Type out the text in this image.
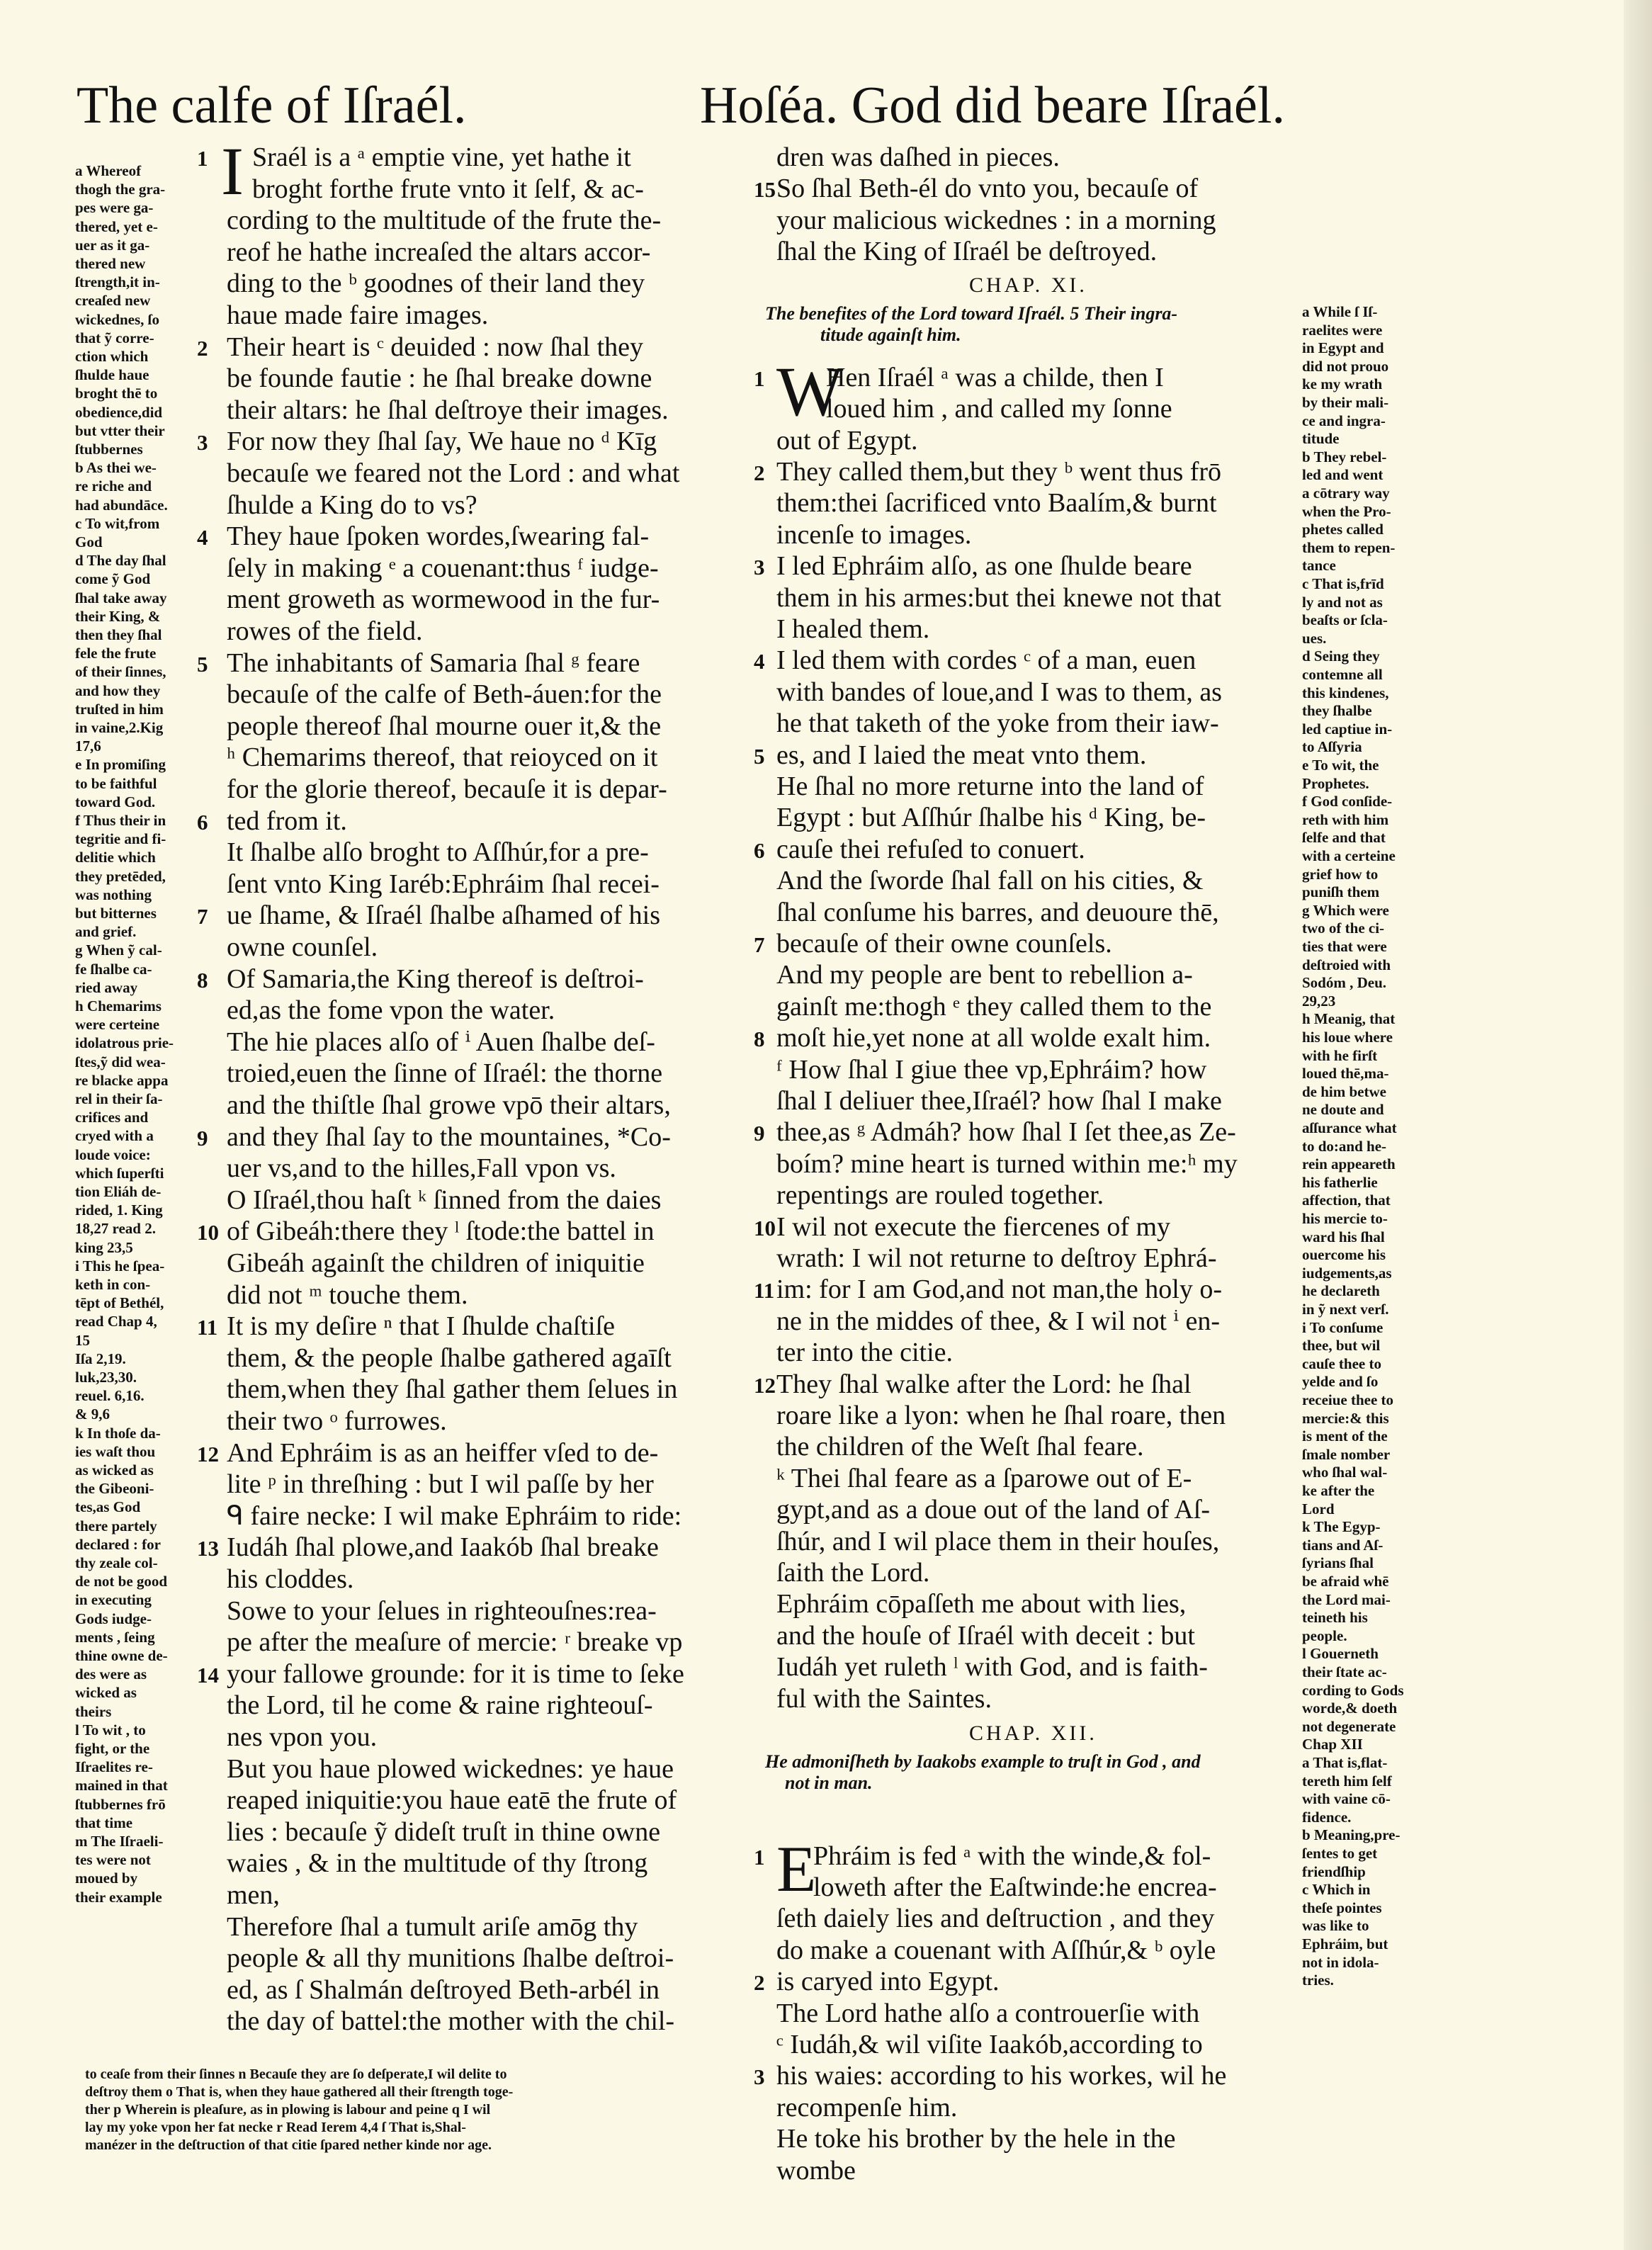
The calfe of Iſraél.	Hoſéa. God did beare Iſraél.
a Whereof
thogh the gra-
pes were ga-
thered, yet e-
uer as it ga-
thered new
ſtrength,it in-
creaſed new
wickednes, ſo
that ỹ corre-
ction which
ſhulde haue
broght thē to
obedience,did
but vtter their
ſtubbernes
b As thei we-
re riche and
had abundāce.
c To wit,from
God
d The day ſhal
come ỹ God
ſhal take away
their King, &
then they ſhal
fele the frute
of their ſinnes,
and how they
truſted in him
in vaine,2.Kig
17,6
e In promiſing
to be faithful
toward God.
f Thus their in
tegritie and fi-
delitie which
they pretēded,
was nothing
but bitternes
and grief.
g When ỹ cal-
fe ſhalbe ca-
ried away
h Chemarims
were certeine
idolatrous prie-
ſtes,ỹ did wea-
re blacke appa
rel in their ſa-
crifices and
cryed with a
loude voice:
which ſuperſti
tion Eliáh de-
rided, 1. King
18,27 read 2.
king 23,5
i This he ſpea-
keth in con-
tēpt of Bethél,
read Chap 4,
15
Iſa 2,19.
luk,23,30.
reuel. 6,16.
& 9,6
k In thoſe da-
ies waſt thou
as wicked as
the Gibeoni-
tes,as God
there partely
declared : for
thy zeale col-
de not be good
in executing
Gods iudge-
ments , ſeing
thine owne de-
des were as
wicked as
theirs
l To wit , to
fight, or the
Iſraelites re-
mained in that
ſtubbernes frō
that time
m The Iſraeli-
tes were not
moued by
their example
Sraél is a ᵃ emptie vine, yet hathe it
broght forthe frute vnto it ſelf, & ac-
cording to the multitude of the frute the-
reof he hathe increaſed the altars accor-
ding to the ᵇ goodnes of their land they
haue made faire images.
Their heart is ᶜ deuided : now ſhal they
be founde fautie : he ſhal breake downe
their altars: he ſhal deſtroye their images.
For now they ſhal ſay, We haue no ᵈ Kīg
becauſe we feared not the Lord : and what
ſhulde a King do to vs?
They haue ſpoken wordes,ſwearing fal-
ſely in making ᵉ a couenant:thus ᶠ iudge-
ment groweth as wormewood in the fur-
rowes of the field.
The inhabitants of Samaria ſhal ᵍ feare
becauſe of the calfe of Beth-áuen:for the
people thereof ſhal mourne ouer it,& the
ʰ Chemarims thereof, that reioyced on it
for the glorie thereof, becauſe it is depar-
ted from it.
It ſhalbe alſo broght to Aſſhúr,for a pre-
ſent vnto King Iaréb:Ephráim ſhal recei-
ue ſhame, & Iſraél ſhalbe aſhamed of his
owne counſel.
Of Samaria,the King thereof is deſtroi-
ed,as the fome vpon the water.
The hie places alſo of ⁱ Auen ſhalbe deſ-
troied,euen the ſinne of Iſraél: the thorne
and the thiſtle ſhal growe vpō their altars,
and they ſhal ſay to the mountaines, *Co-
uer vs,and to the hilles,Fall vpon vs.
O Iſraél,thou haſt ᵏ ſinned from the daies
of Gibeáh:there they ˡ ſtode:the battel in
Gibeáh againſt the children of iniquitie
did not ᵐ touche them.
It is my deſire ⁿ that I ſhulde chaſtiſe
them, & the people ſhalbe gathered agaīſt
them,when they ſhal gather them ſelues in
their two ᵒ furrowes.
And Ephráim is as an heiffer vſed to de-
lite ᵖ in threſhing : but I wil paſſe by her
ᑫ faire necke: I wil make Ephráim to ride:
Iudáh ſhal plowe,and Iaakób ſhal breake
his cloddes.
Sowe to your ſelues in righteouſnes:rea-
pe after the meaſure of mercie: ʳ breake vp
your fallowe grounde: for it is time to ſeke
the Lord, til he come & raine righteouſ-
nes vpon you.
But you haue plowed wickednes: ye haue
reaped iniquitie:you haue eatē the frute of
lies : becauſe ỹ dideſt truſt in thine owne
waies , & in the multitude of thy ſtrong
men,
Therefore ſhal a tumult ariſe amōg thy
people & all thy munitions ſhalbe deſtroi-
ed, as ſ Shalmán deſtroyed Beth-arbél in
the day of battel:the mother with the chil-
I
1
2
3
4
5
6
7
8
9
10
11
12
13
14
dren was daſhed in pieces.
So ſhal Beth-él do vnto you, becauſe of
your malicious wickednes : in a morning
ſhal the King of Iſraél be deſtroyed.
Hen Iſraél ᵃ was a childe, then I
loued him , and called my ſonne
out of Egypt.
They called them,but they ᵇ went thus frō
them:thei ſacrificed vnto Baalím,& burnt
incenſe to images.
I led Ephráim alſo, as one ſhulde beare
them in his armes:but thei knewe not that
I healed them.
I led them with cordes ᶜ of a man, euen
with bandes of loue,and I was to them, as
he that taketh of the yoke from their iaw-
es, and I laied the meat vnto them.
He ſhal no more returne into the land of
Egypt : but Aſſhúr ſhalbe his ᵈ King, be-
cauſe thei refuſed to conuert.
And the ſworde ſhal fall on his cities, &
ſhal conſume his barres, and deuoure thē,
becauſe of their owne counſels.
And my people are bent to rebellion a-
gainſt me:thogh ᵉ they called them to the
moſt hie,yet none at all wolde exalt him.
ᶠ How ſhal I giue thee vp,Ephráim? how
ſhal I deliuer thee,Iſraél? how ſhal I make
thee,as ᵍ Admáh? how ſhal I ſet thee,as Ze-
boím? mine heart is turned within me:ʰ my
repentings are rouled together.
I wil not execute the fiercenes of my
wrath: I wil not returne to deſtroy Ephrá-
im: for I am God,and not man,the holy o-
ne in the middes of thee, & I wil not ⁱ en-
ter into the citie.
They ſhal walke after the Lord: he ſhal
roare like a lyon: when he ſhal roare, then
the children of the Weſt ſhal feare.
ᵏ Thei ſhal feare as a ſparowe out of E-
gypt,and as a doue out of the land of Aſ-
ſhúr, and I wil place them in their houſes,
ſaith the Lord.
Ephráim cōpaſſeth me about with lies,
and the houſe of Iſraél with deceit : but
Iudáh yet ruleth ˡ with God, and is faith-
ful with the Saintes.
Phráim is fed ᵃ with the winde,& fol-
loweth after the Eaſtwinde:he encrea-
ſeth daiely lies and deſtruction , and they
do make a couenant with Aſſhúr,& ᵇ oyle
is caryed into Egypt.
The Lord hathe alſo a controuerſie with
ᶜ Iudáh,& wil viſite Iaakób,according to
his waies: according to his workes, wil he
recompenſe him.
He toke his brother by the hele in the
wombe
CHAP. XI.
The benefites of the Lord toward Iſraél. 5 Their ingra-
titude againſt him.
W
CHAP. XII.
He admoniſheth by Iaakobs example to truſt in God , and
not in man.
E
15
1
2
3
4
5
6
7
8
9
10
11
12
1
2
3
a While ſ Iſ-
raelites were
in Egypt and
did not prouo
ke my wrath
by their mali-
ce and ingra-
titude
b They rebel-
led and went
a cōtrary way
when the Pro-
phetes called
them to repen-
tance
c That is,frīd
ly and not as
beaſts or ſcla-
ues.
d Seing they
contemne all
this kindenes,
they ſhalbe
led captiue in-
to Aſſyria
e To wit, the
Prophetes.
f God conſide-
reth with him
ſelfe and that
with a certeine
grief how to
puniſh them
g Which were
two of the ci-
ties that were
deſtroied with
Sodóm , Deu.
29,23
h Meanig, that
his loue where
with he firſt
loued thē,ma-
de him betwe
ne doute and
aſſurance what
to do:and he-
rein appeareth
his fatherlie
affection, that
his mercie to-
ward his ſhal
ouercome his
iudgements,as
he declareth
in ỹ next verſ.
i To conſume
thee, but wil
cauſe thee to
yelde and ſo
receiue thee to
mercie:& this
is ment of the
ſmale nomber
who ſhal wal-
ke after the
Lord
k The Egyp-
tians and Aſ-
ſyrians ſhal
be afraid whē
the Lord mai-
teineth his
people.
l Gouerneth
their ſtate ac-
cording to Gods
worde,& doeth
not degenerate
Chap XII
a That is,flat-
tereth him ſelf
with vaine cō-
fidence.
b Meaning,pre-
ſentes to get
friendſhip
c Which in
theſe pointes
was like to
Ephráim, but
not in idola-
tries.
to ceaſe from their ſinnes n Becauſe they are ſo deſperate,I wil delite to
deſtroy them o That is, when they haue gathered all their ſtrength toge-
ther p Wherein is pleaſure, as in plowing is labour and peine q I wil
lay my yoke vpon her fat necke r Read Ierem 4,4 ſ That is,Shal-
manézer in the deſtruction of that citie ſpared nether kinde nor age.
